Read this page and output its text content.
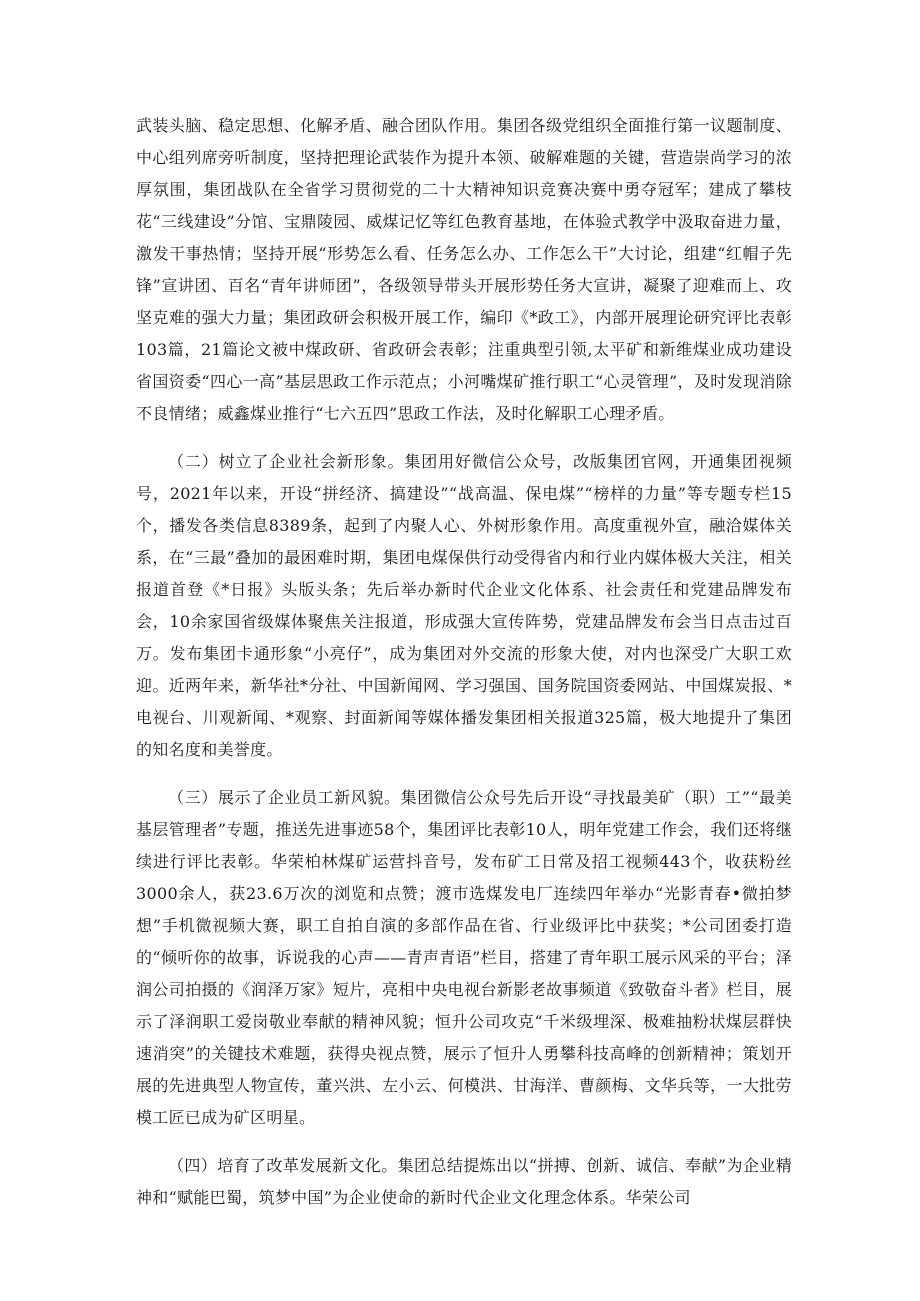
武装头脑、稳定思想、化解矛盾、融合团队作用。集团各级党组织全面推行第一议题制度、中心组列席旁听制度，坚持把理论武装作为提升本领、破解难题的关键，营造崇尚学习的浓厚氛围，集团战队在全省学习贯彻党的二十大精神知识竞赛决赛中勇夺冠军；建成了攀枝花“三线建设”分馆、宝鼎陵园、威煤记忆等红色教育基地，在体验式教学中汲取奋进力量，激发干事热情；坚持开展“形势怎么看、任务怎么办、工作怎么干”大讨论，组建“红帽子先锋”宣讲团、百名“青年讲师团”，各级领导带头开展形势任务大宣讲，凝聚了迎难而上、攻坚克难的强大力量；集团政研会积极开展工作，编印《*政工》，内部开展理论研究评比表彰103篇，21篇论文被中煤政研、省政研会表彰；注重典型引领,太平矿和新维煤业成功建设省国资委“四心一高”基层思政工作示范点；小河嘴煤矿推行职工“心灵管理”，及时发现消除不良情绪；威鑫煤业推行“七六五四”思政工作法，及时化解职工心理矛盾。

（二）树立了企业社会新形象。集团用好微信公众号，改版集团官网，开通集团视频号，2021年以来，开设“拼经济、搞建设”“战高温、保电煤”“榜样的力量”等专题专栏15个，播发各类信息8389条，起到了内聚人心、外树形象作用。高度重视外宣，融洽媒体关系，在“三最”叠加的最困难时期，集团电煤保供行动受得省内和行业内媒体极大关注，相关报道首登《*日报》头版头条；先后举办新时代企业文化体系、社会责任和党建品牌发布会，10余家国省级媒体聚焦关注报道，形成强大宣传阵势，党建品牌发布会当日点击过百万。发布集团卡通形象“小亮仔”，成为集团对外交流的形象大使，对内也深受广大职工欢迎。近两年来，新华社*分社、中国新闻网、学习强国、国务院国资委网站、中国煤炭报、*电视台、川观新闻、*观察、封面新闻等媒体播发集团相关报道325篇，极大地提升了集团的知名度和美誉度。

（三）展示了企业员工新风貌。集团微信公众号先后开设“寻找最美矿（职）工”“最美基层管理者”专题，推送先进事迹58个，集团评比表彰10人，明年党建工作会，我们还将继续进行评比表彰。华荣柏林煤矿运营抖音号，发布矿工日常及招工视频443个，收获粉丝3000余人，获23.6万次的浏览和点赞；渡市选煤发电厂连续四年举办“光影青春•微拍梦想”手机微视频大赛，职工自拍自演的多部作品在省、行业级评比中获奖；*公司团委打造的“倾听你的故事，诉说我的心声——青声青语”栏目，搭建了青年职工展示风采的平台；泽润公司拍摄的《润泽万家》短片，亮相中央电视台新影老故事频道《致敬奋斗者》栏目，展示了泽润职工爱岗敬业奉献的精神风貌；恒升公司攻克“千米级埋深、极难抽粉状煤层群快速消突”的关键技术难题，获得央视点赞，展示了恒升人勇攀科技高峰的创新精神；策划开展的先进典型人物宣传，董兴洪、左小云、何模洪、甘海洋、曹颜梅、文华兵等，一大批劳模工匠已成为矿区明星。

（四）培育了改革发展新文化。集团总结提炼出以“拼搏、创新、诚信、奉献”为企业精神和“赋能巴蜀，筑梦中国”为企业使命的新时代企业文化理念体系。华荣公司
